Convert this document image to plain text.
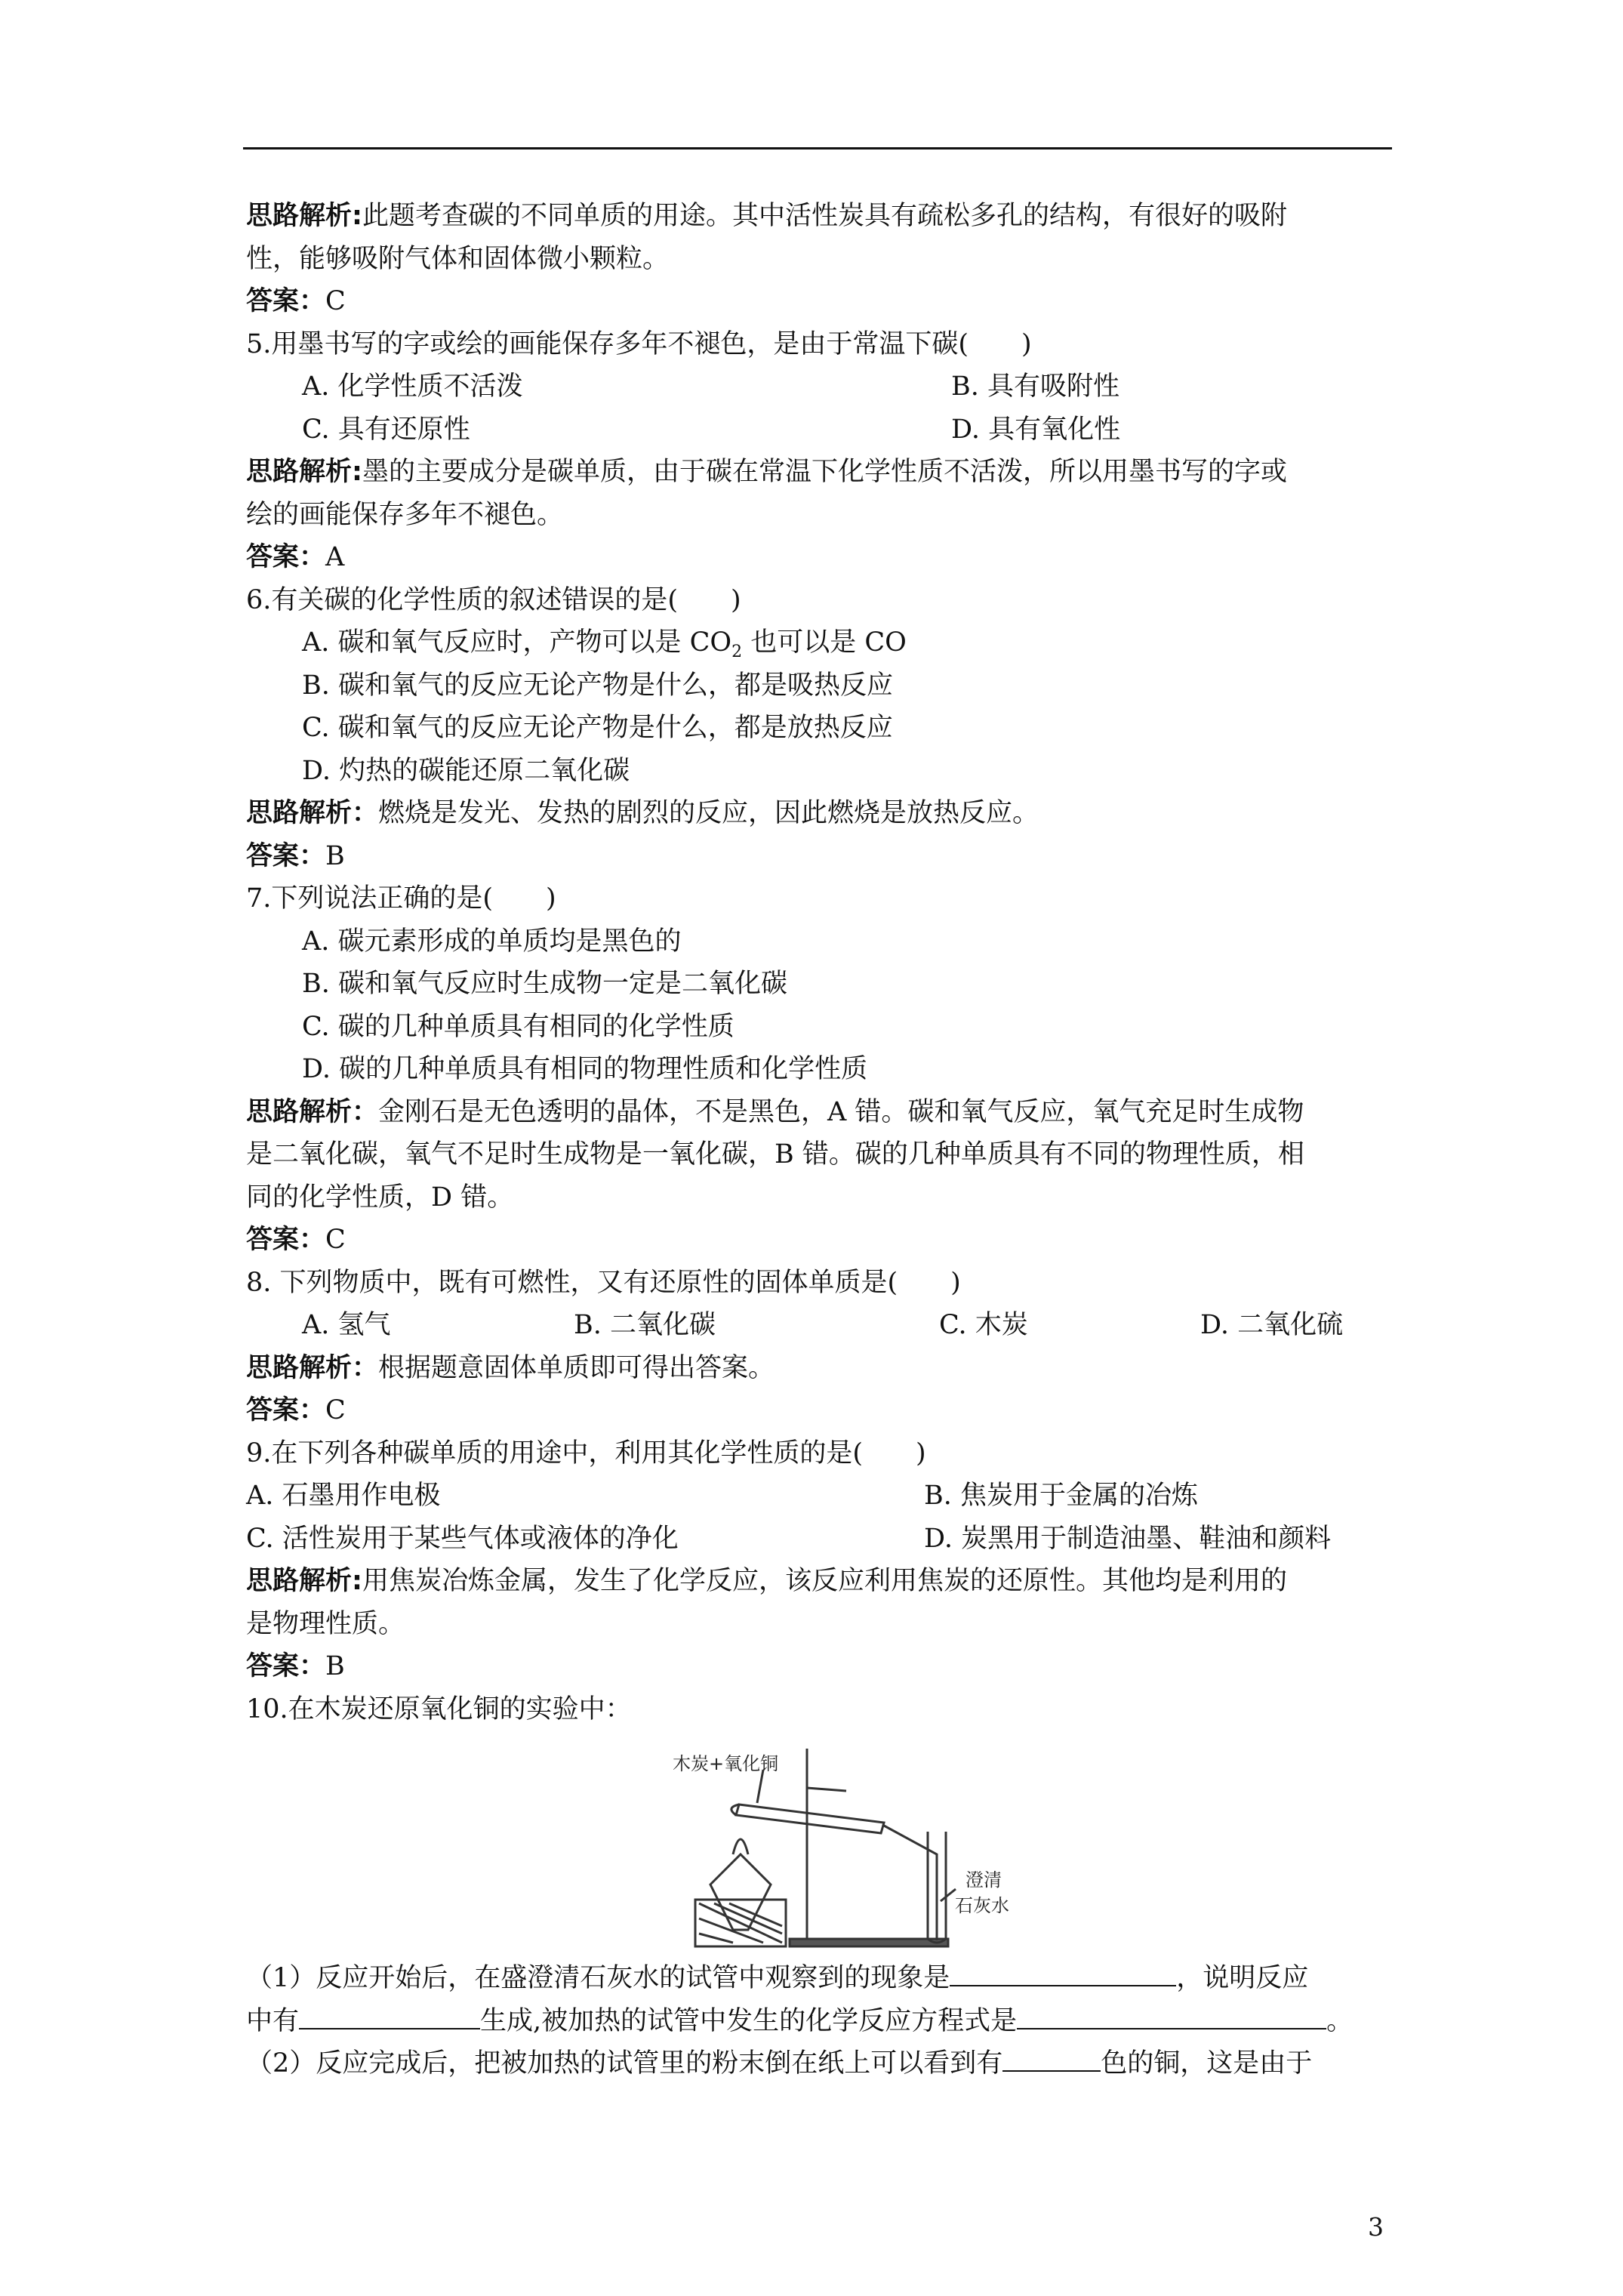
思路解析:此题考查碳的不同单质的用途。其中活性炭具有疏松多孔的结构，有很好的吸附
性，能够吸附气体和固体微小颗粒。
答案：C
5.用墨书写的字或绘的画能保存多年不褪色，是由于常温下碳(　　)
A. 化学性质不活泼	B. 具有吸附性
C. 具有还原性	D. 具有氧化性
思路解析:墨的主要成分是碳单质，由于碳在常温下化学性质不活泼，所以用墨书写的字或
绘的画能保存多年不褪色。
答案：A
6.有关碳的化学性质的叙述错误的是(　　)
A. 碳和氧气反应时，产物可以是 $CO_2$ 也可以是 CO
B. 碳和氧气的反应无论产物是什么，都是吸热反应
C. 碳和氧气的反应无论产物是什么，都是放热反应
D. 灼热的碳能还原二氧化碳
思路解析：燃烧是发光、发热的剧烈的反应，因此燃烧是放热反应。
答案：B
7.下列说法正确的是(　　)
A. 碳元素形成的单质均是黑色的
B. 碳和氧气反应时生成物一定是二氧化碳
C. 碳的几种单质具有相同的化学性质
D. 碳的几种单质具有相同的物理性质和化学性质
思路解析：金刚石是无色透明的晶体，不是黑色，A 错。碳和氧气反应，氧气充足时生成物
是二氧化碳，氧气不足时生成物是一氧化碳，B 错。碳的几种单质具有不同的物理性质，相
同的化学性质，D 错。
答案：C
8. 下列物质中，既有可燃性，又有还原性的固体单质是(　　)
A. 氢气	B. 二氧化碳	C. 木炭	D. 二氧化硫
思路解析：根据题意固体单质即可得出答案。
答案：C
9.在下列各种碳单质的用途中，利用其化学性质的是(　　)
A. 石墨用作电极	B. 焦炭用于金属的冶炼
C. 活性炭用于某些气体或液体的净化	D. 炭黑用于制造油墨、鞋油和颜料
思路解析:用焦炭冶炼金属，发生了化学反应，该反应利用焦炭的还原性。其他均是利用的
是物理性质。
答案：B
10.在木炭还原氧化铜的实验中：
木炭+氧化铜
澄清
石灰水
（1）反应开始后，在盛澄清石灰水的试管中观察到的现象是	，说明反应
中有	生成,被加热的试管中发生的化学反应方程式是	。
（2）反应完成后，把被加热的试管里的粉末倒在纸上可以看到有	色的铜，这是由于
3
